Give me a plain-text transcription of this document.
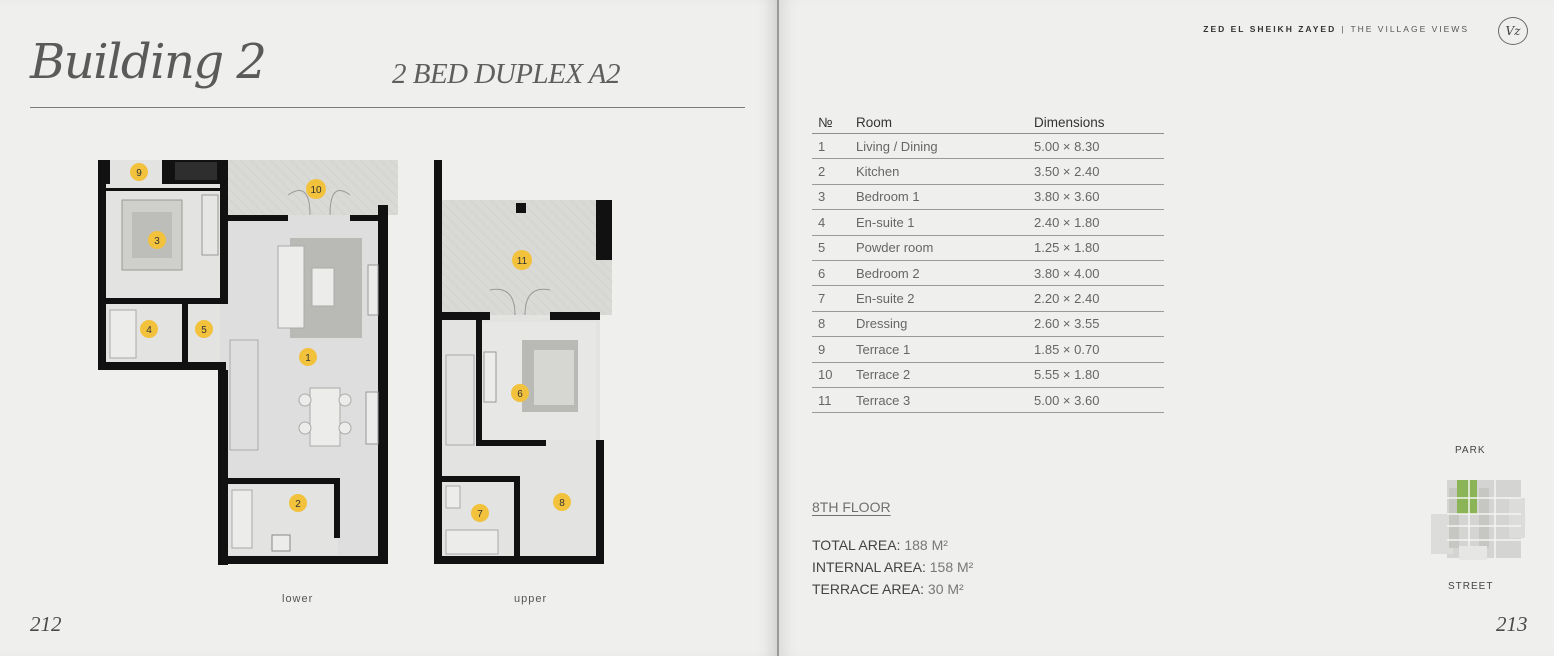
Building 2	2 BED DUPLEX A2
1
2
3
4	5
6
7
8
9
10
11
lower	upper
212
ZED EL SHEIKH ZAYED | THE VILLAGE VIEWS	Vz
№	Room	Dimensions
1	Living / Dining	5.00 × 8.30
2	Kitchen	3.50 × 2.40
3	Bedroom 1	3.80 × 3.60
4	En-suite 1	2.40 × 1.80
5	Powder room	1.25 × 1.80
6	Bedroom 2	3.80 × 4.00
7	En-suite 2	2.20 × 2.40
8	Dressing	2.60 × 3.55
9	Terrace 1	1.85 × 0.70
10	Terrace 2	5.55 × 1.80
11	Terrace 3	5.00 × 3.60
8TH FLOOR
TOTAL AREA: 188 M²
INTERNAL AREA: 158 M²
TERRACE AREA: 30 M²
PARK
STREET
213
